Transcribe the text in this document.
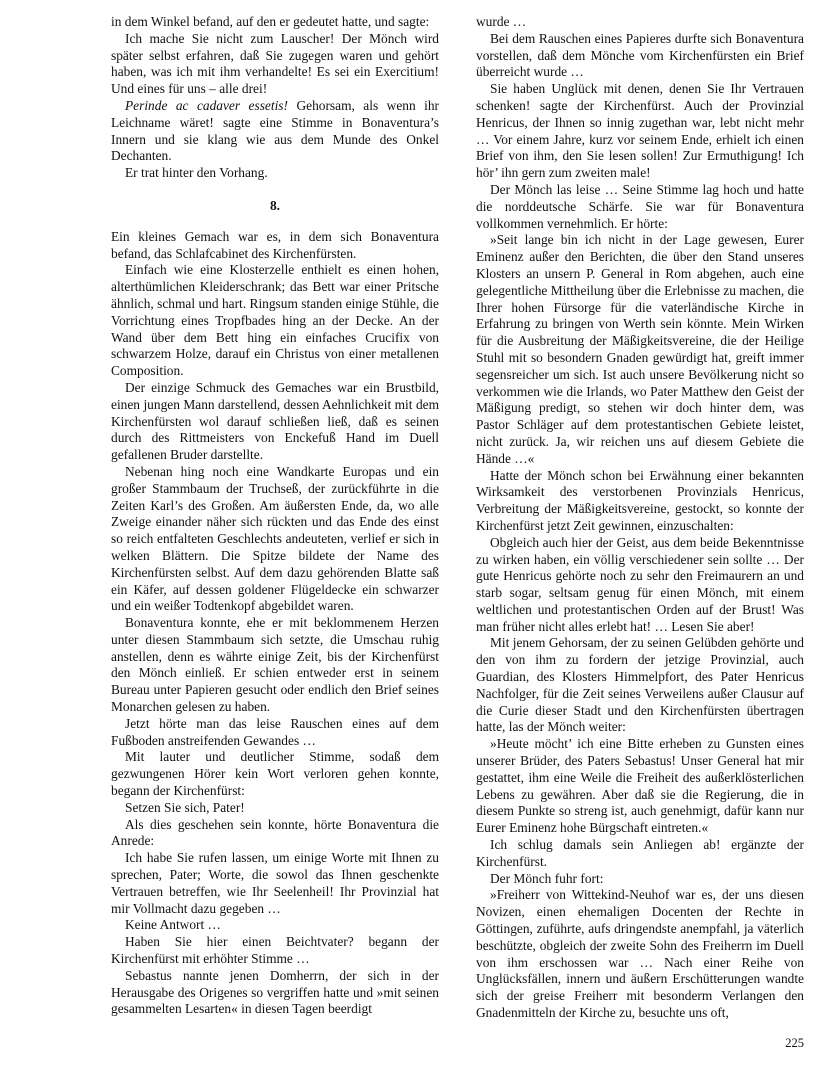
in dem Winkel befand, auf den er gedeutet hatte, und sagte:

Ich mache Sie nicht zum Lauscher! Der Mönch wird später selbst erfahren, daß Sie zugegen waren und gehört haben, was ich mit ihm verhandelte! Es sei ein Exercitium! Und eines für uns – alle drei!

Perinde ac cadaver essetis! Gehorsam, als wenn ihr Leichname wäret! sagte eine Stimme in Bonaventura’s Innern und sie klang wie aus dem Munde des Onkel Dechanten.

Er trat hinter den Vorhang.

8.

Ein kleines Gemach war es, in dem sich Bonaventura befand, das Schlafcabinet des Kirchenfürsten.

Einfach wie eine Klosterzelle enthielt es einen hohen, alterthümlichen Kleiderschrank; das Bett war einer Pritsche ähnlich, schmal und hart. Ringsum standen einige Stühle, die Vorrichtung eines Tropfbades hing an der Decke. An der Wand über dem Bett hing ein einfaches Crucifix von schwarzem Holze, darauf ein Christus von einer metallenen Composition.

Der einzige Schmuck des Gemaches war ein Brustbild, einen jungen Mann darstellend, dessen Aehnlichkeit mit dem Kirchenfürsten wol darauf schließen ließ, daß es seinen durch des Rittmeisters von Enckefuß Hand im Duell gefallenen Bruder darstellte.

Nebenan hing noch eine Wandkarte Europas und ein großer Stammbaum der Truchseß, der zurückführte in die Zeiten Karl’s des Großen. Am äußersten Ende, da, wo alle Zweige einander näher sich rückten und das Ende des einst so reich entfalteten Geschlechts andeuteten, verlief er sich in welken Blättern. Die Spitze bildete der Name des Kirchenfürsten selbst. Auf dem dazu gehörenden Blatte saß ein Käfer, auf dessen goldener Flügeldecke ein schwarzer und ein weißer Todtenkopf abgebildet waren.

Bonaventura konnte, ehe er mit beklommenem Herzen unter diesen Stammbaum sich setzte, die Umschau ruhig anstellen, denn es währte einige Zeit, bis der Kirchenfürst den Mönch einließ. Er schien entweder erst in seinem Bureau unter Papieren gesucht oder endlich den Brief seines Monarchen gelesen zu haben.

Jetzt hörte man das leise Rauschen eines auf dem Fußboden anstreifenden Gewandes …

Mit lauter und deutlicher Stimme, sodaß dem gezwungenen Hörer kein Wort verloren gehen konnte, begann der Kirchenfürst:

Setzen Sie sich, Pater!

Als dies geschehen sein konnte, hörte Bonaventura die Anrede:

Ich habe Sie rufen lassen, um einige Worte mit Ihnen zu sprechen, Pater; Worte, die sowol das Ihnen geschenkte Vertrauen betreffen, wie Ihr Seelenheil! Ihr Provinzial hat mir Vollmacht dazu gegeben …

Keine Antwort …

Haben Sie hier einen Beichtvater? begann der Kirchenfürst mit erhöhter Stimme …

Sebastus nannte jenen Domherrn, der sich in der Herausgabe des Origenes so vergriffen hatte und »mit seinen gesammelten Lesarten« in diesen Tagen beerdigt

wurde …

Bei dem Rauschen eines Papieres durfte sich Bonaventura vorstellen, daß dem Mönche vom Kirchenfürsten ein Brief überreicht wurde …

Sie haben Unglück mit denen, denen Sie Ihr Vertrauen schenken! sagte der Kirchenfürst. Auch der Provinzial Henricus, der Ihnen so innig zugethan war, lebt nicht mehr … Vor einem Jahre, kurz vor seinem Ende, erhielt ich einen Brief von ihm, den Sie lesen sollen! Zur Ermuthigung! Ich hör’ ihn gern zum zweiten male!

Der Mönch las leise … Seine Stimme lag hoch und hatte die norddeutsche Schärfe. Sie war für Bonaventura vollkommen vernehmlich. Er hörte:

»Seit lange bin ich nicht in der Lage gewesen, Eurer Eminenz außer den Berichten, die über den Stand unseres Klosters an unsern P. General in Rom abgehen, auch eine gelegentliche Mittheilung über die Erlebnisse zu machen, die Ihrer hohen Fürsorge für die vaterländische Kirche in Erfahrung zu bringen von Werth sein könnte. Mein Wirken für die Ausbreitung der Mäßigkeitsvereine, die der Heilige Stuhl mit so besondern Gnaden gewürdigt hat, greift immer segensreicher um sich. Ist auch unsere Bevölkerung nicht so verkommen wie die Irlands, wo Pater Matthew den Geist der Mäßigung predigt, so stehen wir doch hinter dem, was Pastor Schläger auf dem protestantischen Gebiete leistet, nicht zurück. Ja, wir reichen uns auf diesem Gebiete die Hände …«

Hatte der Mönch schon bei Erwähnung einer bekannten Wirksamkeit des verstorbenen Provinzials Henricus, Verbreitung der Mäßigkeitsvereine, gestockt, so konnte der Kirchenfürst jetzt Zeit gewinnen, einzuschalten:

Obgleich auch hier der Geist, aus dem beide Bekenntnisse zu wirken haben, ein völlig verschiedener sein sollte … Der gute Henricus gehörte noch zu sehr den Freimaurern an und starb sogar, seltsam genug für einen Mönch, mit einem weltlichen und protestantischen Orden auf der Brust! Was man früher nicht alles erlebt hat! … Lesen Sie aber!

Mit jenem Gehorsam, der zu seinen Gelübden gehörte und den von ihm zu fordern der jetzige Provinzial, auch Guardian, des Klosters Himmelpfort, des Pater Henricus Nachfolger, für die Zeit seines Verweilens außer Clausur auf die Curie dieser Stadt und den Kirchenfürsten übertragen hatte, las der Mönch weiter:

»Heute möcht’ ich eine Bitte erheben zu Gunsten eines unserer Brüder, des Paters Sebastus! Unser General hat mir gestattet, ihm eine Weile die Freiheit des außerklösterlichen Lebens zu gewähren. Aber daß sie die Regierung, die in diesem Punkte so streng ist, auch genehmigt, dafür kann nur Eurer Eminenz hohe Bürgschaft eintreten.«

Ich schlug damals sein Anliegen ab! ergänzte der Kirchenfürst.

Der Mönch fuhr fort:

»Freiherr von Wittekind-Neuhof war es, der uns diesen Novizen, einen ehemaligen Docenten der Rechte in Göttingen, zuführte, aufs dringendste anempfahl, ja väterlich beschützte, obgleich der zweite Sohn des Freiherrn im Duell von ihm erschossen war … Nach einer Reihe von Unglücksfällen, innern und äußern Erschütterungen wandte sich der greise Freiherr mit besonderm Verlangen den Gnadenmitteln der Kirche zu, besuchte uns oft,

225
